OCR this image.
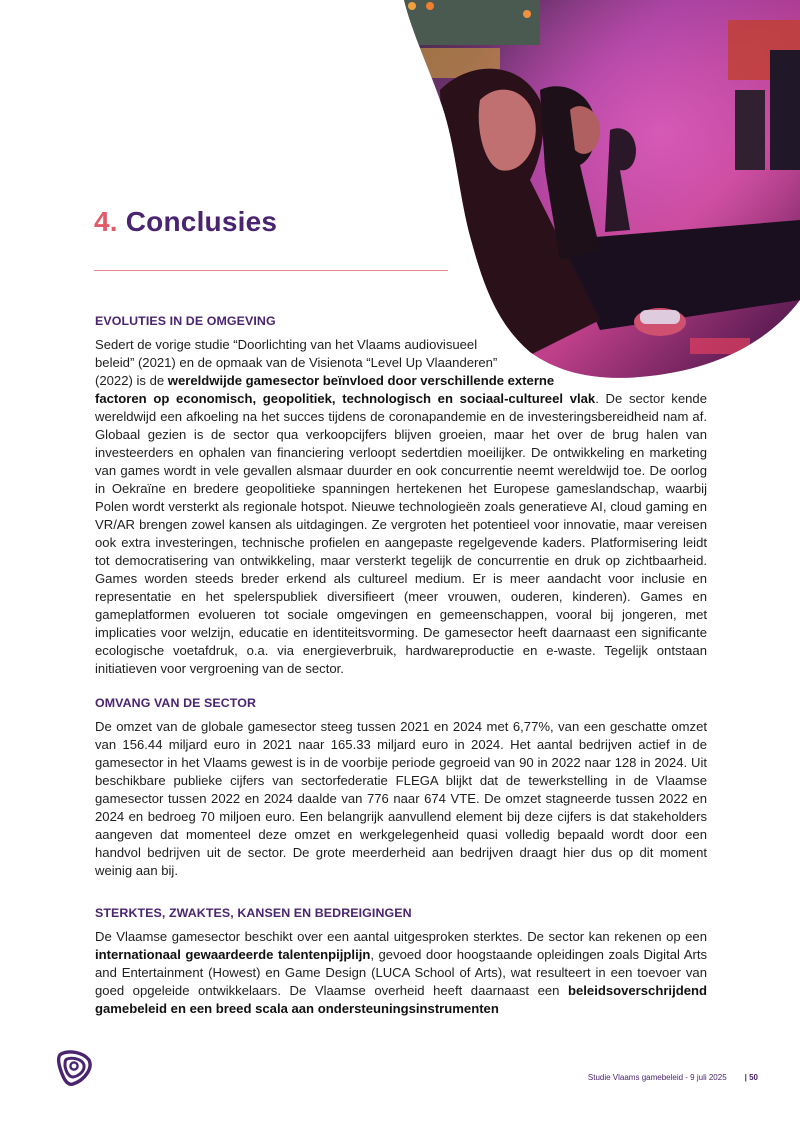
4. Conclusies
EVOLUTIES IN DE OMGEVING

Sedert de vorige studie “Doorlichting van het Vlaams audiovisueel
beleid” (2021) en de opmaak van de Visienota “Level Up Vlaanderen”
(2022) is de wereldwijde gamesector beïnvloed door verschillende externe

factoren op economisch, geopolitiek, technologisch en sociaal-cultureel vlak. De sector kende wereldwijd een afkoeling na het succes tijdens de coronapandemie en de investeringsbereidheid nam af. Globaal gezien is de sector qua verkoopcijfers blijven groeien, maar het over de brug halen van investeerders en ophalen van financiering verloopt sedertdien moeilijker. De ontwikkeling en marketing van games wordt in vele gevallen alsmaar duurder en ook concurrentie neemt wereldwijd toe. De oorlog in Oekraïne en bredere geopolitieke spanningen hertekenen het Europese gameslandschap, waarbij Polen wordt versterkt als regionale hotspot. Nieuwe technologieën zoals generatieve AI, cloud gaming en VR/AR brengen zowel kansen als uitdagingen. Ze vergroten het potentieel voor innovatie, maar vereisen ook extra investeringen, technische profielen en aangepaste regelgevende kaders. Platformisering leidt tot democratisering van ontwikkeling, maar versterkt tegelijk de concurrentie en druk op zichtbaarheid. Games worden steeds breder erkend als cultureel medium. Er is meer aandacht voor inclusie en representatie en het spelerspubliek diversifieert (meer vrouwen, ouderen, kinderen). Games en gameplatformen evolueren tot sociale omgevingen en gemeenschappen, vooral bij jongeren, met implicaties voor welzijn, educatie en identiteitsvorming. De gamesector heeft daarnaast een significante ecologische voetafdruk, o.a. via energieverbruik, hardwareproductie en e-waste. Tegelijk ontstaan initiatieven voor vergroening van de sector.

OMVANG VAN DE SECTOR

De omzet van de globale gamesector steeg tussen 2021 en 2024 met 6,77%, van een geschatte omzet van 156.44 miljard euro in 2021 naar 165.33 miljard euro in 2024. Het aantal bedrijven actief in de gamesector in het Vlaams gewest is in de voorbije periode gegroeid van 90 in 2022 naar 128 in 2024. Uit beschikbare publieke cijfers van sectorfederatie FLEGA blijkt dat de tewerkstelling in de Vlaamse gamesector tussen 2022 en 2024 daalde van 776 naar 674 VTE. De omzet stagneerde tussen 2022 en 2024 en bedroeg 70 miljoen euro. Een belangrijk aanvullend element bij deze cijfers is dat stakeholders aangeven dat momenteel deze omzet en werkgelegenheid quasi volledig bepaald wordt door een handvol bedrijven uit de sector. De grote meerderheid aan bedrijven draagt hier dus op dit moment weinig aan bij.

STERKTES, ZWAKTES, KANSEN EN BEDREIGINGEN

De Vlaamse gamesector beschikt over een aantal uitgesproken sterktes. De sector kan rekenen op een internationaal gewaardeerde talentenpijplijn, gevoed door hoogstaande opleidingen zoals Digital Arts and Entertainment (Howest) en Game Design (LUCA School of Arts), wat resulteert in een toevoer van goed opgeleide ontwikkelaars. De Vlaamse overheid heeft daarnaast een beleidsoverschrijdend gamebeleid en een breed scala aan ondersteuningsinstrumenten

Studie Vlaams gamebeleid - 9 juli 2025 | 50
